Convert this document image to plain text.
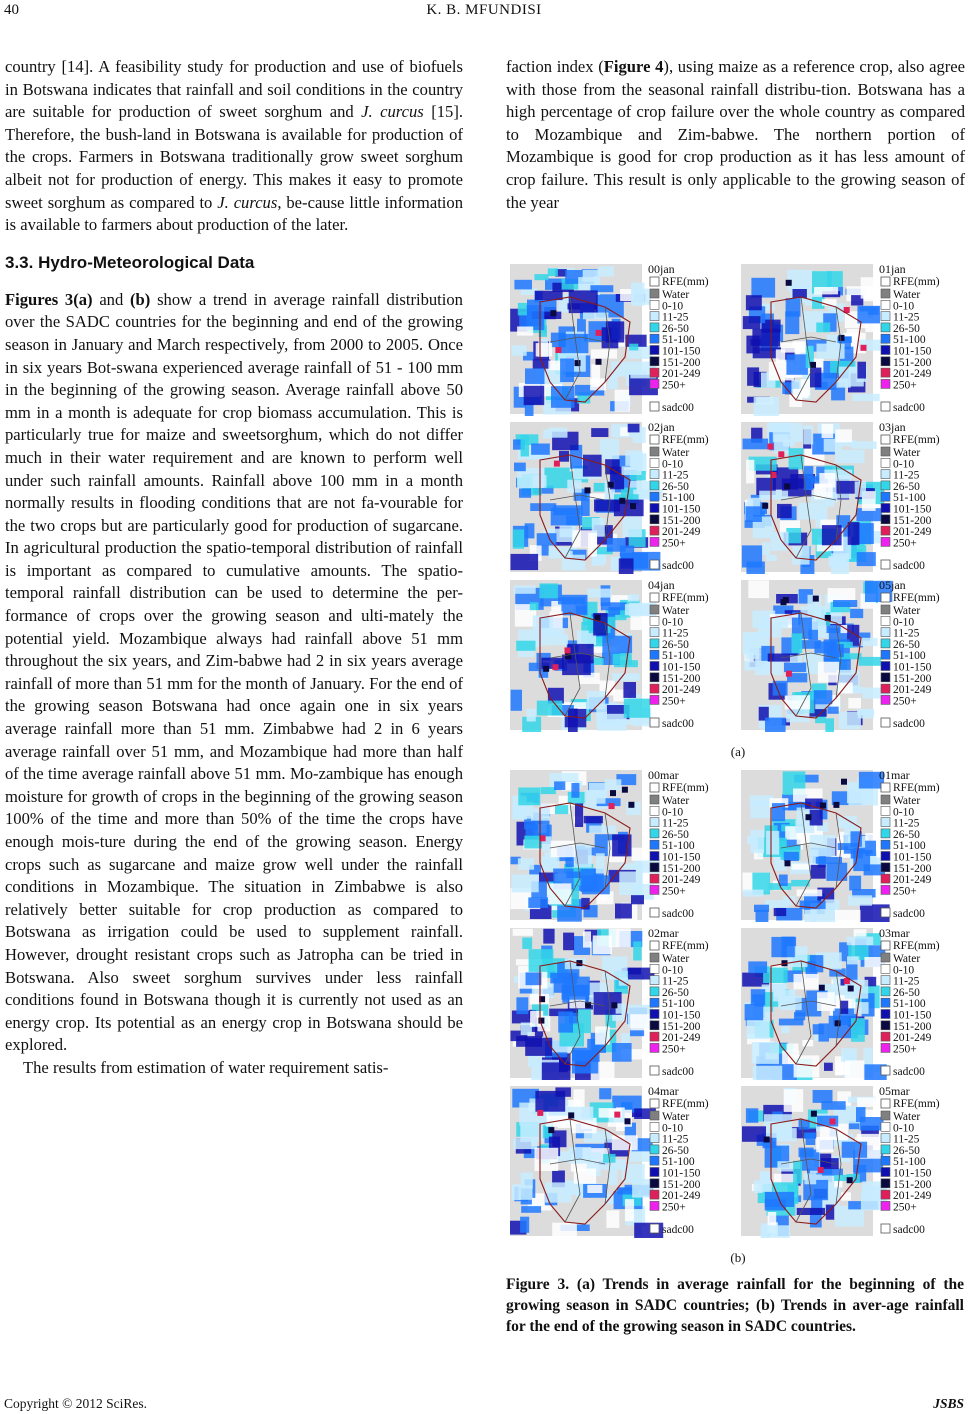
40	K. B. MFUNDISI

country [14]. A feasibility study for production and use of biofuels in Botswana indicates that rainfall and soil conditions in the country are suitable for production of sweet sorghum and J. curcus [15]. Therefore, the bush-land in Botswana is available for production of the crops. Farmers in Botswana traditionally grow sweet sorghum albeit not for production of energy. This makes it easy to promote sweet sorghum as compared to J. curcus, be-cause little information is available to farmers about production of the later.

3.3. Hydro-Meteorological Data

Figures 3(a) and (b) show a trend in average rainfall distribution over the SADC countries for the beginning and end of the growing season in January and March respectively, from 2000 to 2005. Once in six years Bot-swana experienced average rainfall of 51 - 100 mm in the beginning of the growing season. Average rainfall above 50 mm in a month is adequate for crop biomass accumulation. This is particularly true for maize and sweetsorghum, which do not differ much in their water requirement and are known to perform well under such rainfall amounts. Rainfall above 100 mm in a month normally results in flooding conditions that are not fa-vourable for the two crops but are particularly good for production of sugarcane. In agricultural production the spatio-temporal distribution of rainfall is important as compared to cumulative amounts. The spatio-temporal rainfall distribution can be used to determine the per-formance of crops over the growing season and ulti-mately the potential yield. Mozambique always had rainfall above 51 mm throughout the six years, and Zim-babwe had 2 in six years average rainfall of more than 51 mm for the month of January. For the end of the growing season Botswana had once again one in six years average rainfall more than 51 mm. Zimbabwe had 2 in 6 years average rainfall over 51 mm, and Mozambique had more than half of the time average rainfall above 51 mm. Mo-zambique has enough moisture for growth of crops in the beginning of the growing season 100% of the time and more than 50% of the time the crops have enough mois-ture during the end of the growing season. Energy crops such as sugarcane and maize grow well under the rainfall conditions in Mozambique. The situation in Zimbabwe is also relatively better suitable for crop production as compared to Botswana as irrigation could be used to supplement rainfall. However, drought resistant crops such as Jatropha can be tried in Botswana. Also sweet sorghum survives under less rainfall conditions found in Botswana though it is currently not used as an energy crop. Its potential as an energy crop in Botswana should be explored.

The results from estimation of water requirement satis-

faction index (Figure 4), using maize as a reference crop, also agree with those from the seasonal rainfall distribu-tion. Botswana has a high percentage of crop failure over the whole country as compared to Mozambique and Zim-babwe. The northern portion of Mozambique is good for crop production as it has less amount of crop failure. This result is only applicable to the growing season of the year

00jan
RFE(mm)
Water
0-10
11-25
26-50
51-100
101-150
151-200
201-249
250+
sadc00
01jan
RFE(mm)
Water
0-10
11-25
26-50
51-100
101-150
151-200
201-249
250+
sadc00
02jan
RFE(mm)
Water
0-10
11-25
26-50
51-100
101-150
151-200
201-249
250+
sadc00
03jan
RFE(mm)
Water
0-10
11-25
26-50
51-100
101-150
151-200
201-249
250+
sadc00
04jan
RFE(mm)
Water
0-10
11-25
26-50
51-100
101-150
151-200
201-249
250+
sadc00
05jan
RFE(mm)
Water
0-10
11-25
26-50
51-100
101-150
151-200
201-249
250+
sadc00
(a)
00mar
RFE(mm)
Water
0-10
11-25
26-50
51-100
101-150
151-200
201-249
250+
sadc00
01mar
RFE(mm)
Water
0-10
11-25
26-50
51-100
101-150
151-200
201-249
250+
sadc00
02mar
RFE(mm)
Water
0-10
11-25
26-50
51-100
101-150
151-200
201-249
250+
sadc00
03mar
RFE(mm)
Water
0-10
11-25
26-50
51-100
101-150
151-200
201-249
250+
sadc00
04mar
RFE(mm)
Water
0-10
11-25
26-50
51-100
101-150
151-200
201-249
250+
sadc00
05mar
RFE(mm)
Water
0-10
11-25
26-50
51-100
101-150
151-200
201-249
250+
sadc00
(b)
Figure 3. (a) Trends in average rainfall for the beginning of the growing season in SADC countries; (b) Trends in aver-age rainfall for the end of the growing season in SADC countries.
Copyright © 2012 SciRes.	JSBS
